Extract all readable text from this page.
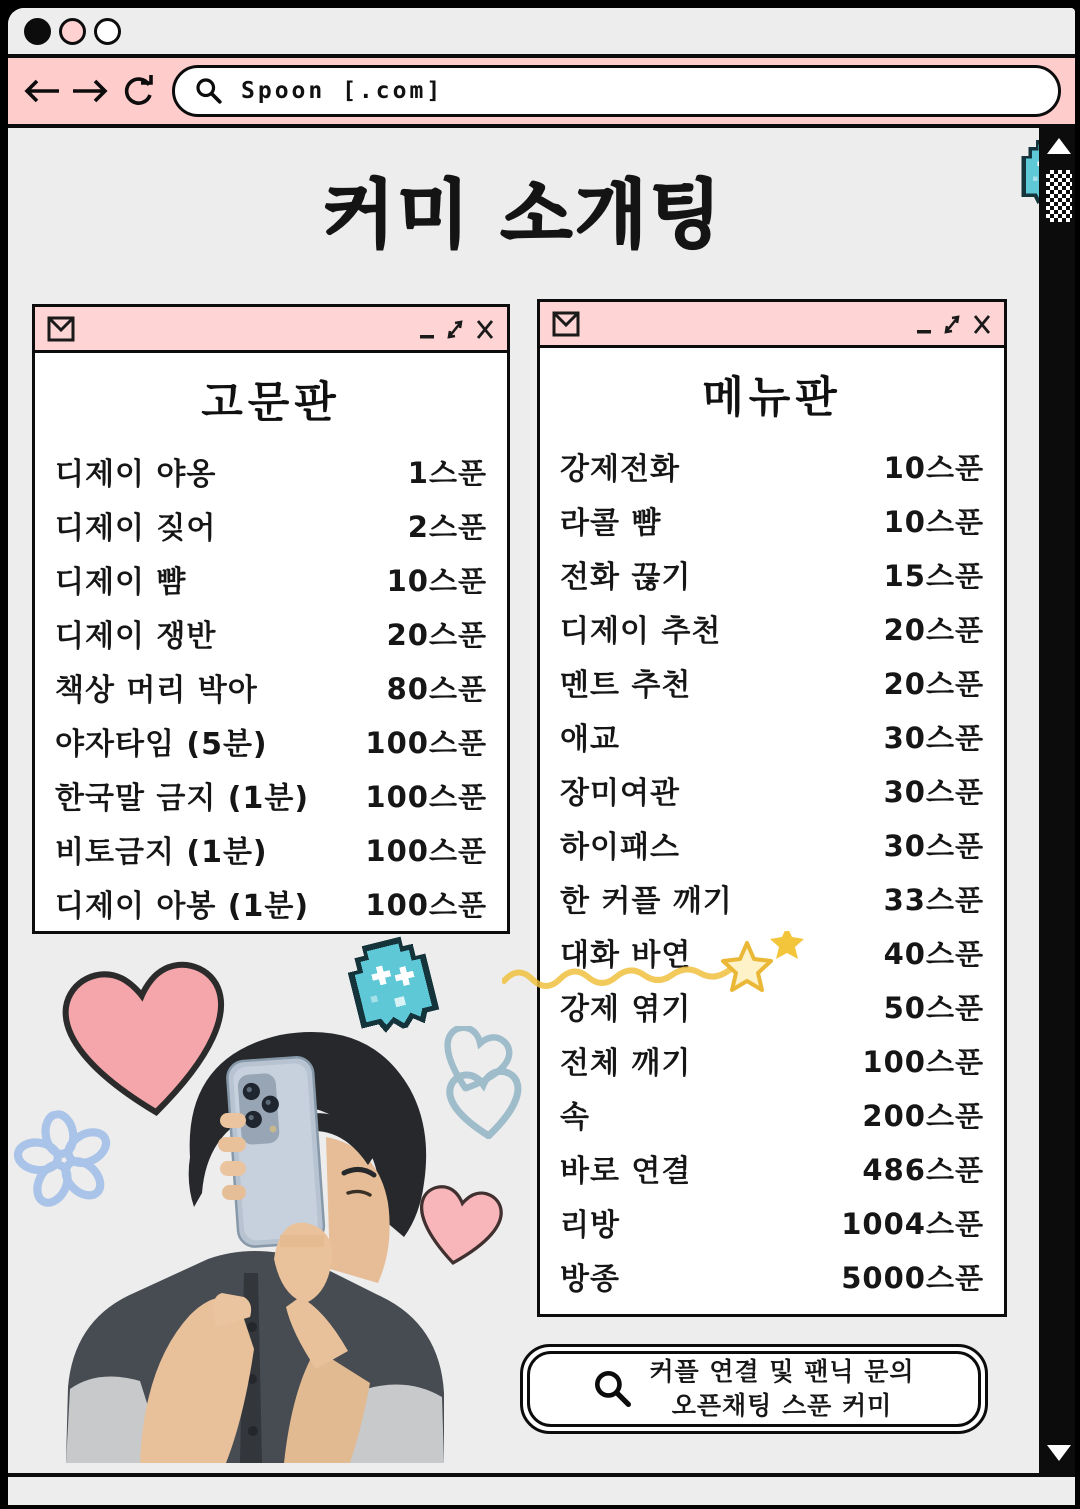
Spoon [.com]
커미 소개팅
고문판
디제이 야옹	1스푼
디제이 짖어	2스푼
디제이 뺨	10스푼
디제이 쟁반	20스푼
책상 머리 박아	80스푼
야자타임 (5분)	100스푼
한국말 금지 (1분) 100스푼
비토금지 (1분)	100스푼
디제이 아봉 (1분) 100스푼
메뉴판
강제전화	10스푼
라콜 뺨	10스푼
전화 끊기	15스푼
디제이 추천	20스푼
멘트 추천	20스푼
애교	30스푼
장미여관	30스푼
하이패스	30스푼
한 커플 깨기	33스푼
대화 바연	40스푼
강제 엮기	50스푼
전체 깨기	100스푼
속	200스푼
바로 연결	486스푼
리방	1004스푼
방종	5000스푼
커플 연결 및 팬닉 문의
오픈채팅 스푼 커미
